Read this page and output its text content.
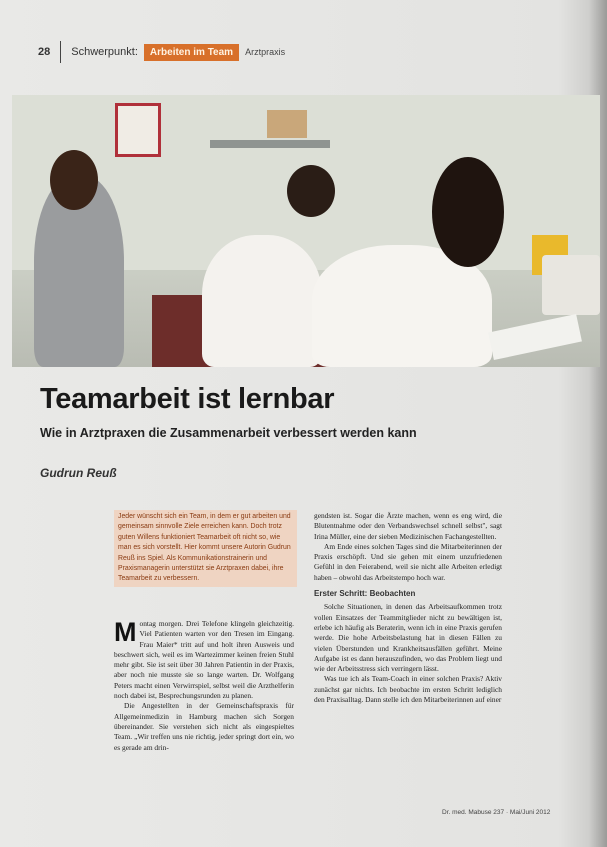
28 Schwerpunkt:	Arbeiten im Team	Arztpraxis
Teamarbeit ist lernbar
Wie in Arztpraxen die Zusammenarbeit verbessert werden kann
Gudrun Reuß
Jeder wünscht sich ein Team, in dem er gut arbeiten und gemeinsam sinnvolle Ziele erreichen kann. Doch trotz guten Willens funktioniert Teamarbeit oft nicht so, wie man es sich vorstellt. Hier kommt unsere Autorin Gudrun Reuß ins Spiel. Als Kommunikationstrainerin und Praxismanagerin unterstützt sie Arztpraxen dabei, ihre Teamarbeit zu verbessern.
M ontag morgen. Drei Telefone klingeln gleichzeitig. Viel Patienten warten vor den Tresen im Eingang. Frau Maier* tritt auf und holt ihren Ausweis und beschwert sich, weil es im Wartezimmer keinen freien Stuhl mehr gibt. Sie ist seit über 30 Jahren Patientin in der Praxis, aber noch nie musste sie so lange warten. Dr. Wolfgang Peters macht einen Verwirrspiel, selbst weil die Arzthelferin noch dabei ist, Besprechungsrunden zu planen.

Die Angestellten in der Gemeinschaftspraxis für Allgemeinmedizin in Hamburg machen sich Sorgen übereinander. Sie verstehen sich nicht als eingespieltes Team. „Wir treffen uns nie richtig, jeder springt dort ein, wo es gerade am drin-

gendsten ist. Sogar die Ärzte machen, wenn es eng wird, die Blutentnahme oder den Verbandswechsel schnell selbst", sagt Irina Müller, eine der sieben Medizinischen Fachangestellten.

Am Ende eines solchen Tages sind die Mitarbeiterinnen der Praxis erschöpft. Und sie gehen mit einem unzufriedenen Gefühl in den Feierabend, weil sie nicht alle Arbeiten erledigt haben – obwohl das Arbeitstempo hoch war.

Erster Schritt: Beobachten

Solche Situationen, in denen das Arbeitsaufkommen trotz vollen Einsatzes der Teammitglieder nicht zu bewältigen ist, erlebe ich häufig als Beraterin, wenn ich in eine Praxis gerufen werde. Die hohe Arbeitsbelastung hat in diesen Fällen zu vielen Überstunden und Krankheitsausfällen geführt. Meine Aufgabe ist es dann herauszufinden, wo das Problem liegt und wie der Arbeitsstress sich verringern lässt.

Was tue ich als Team-Coach in einer solchen Praxis? Aktiv zunächst gar nichts. Ich beobachte im ersten Schritt lediglich den Praxisalltag. Dann stelle ich den Mitarbeiterinnen auf einer

Dr. med. Mabuse 237 · Mai/Juni 2012
